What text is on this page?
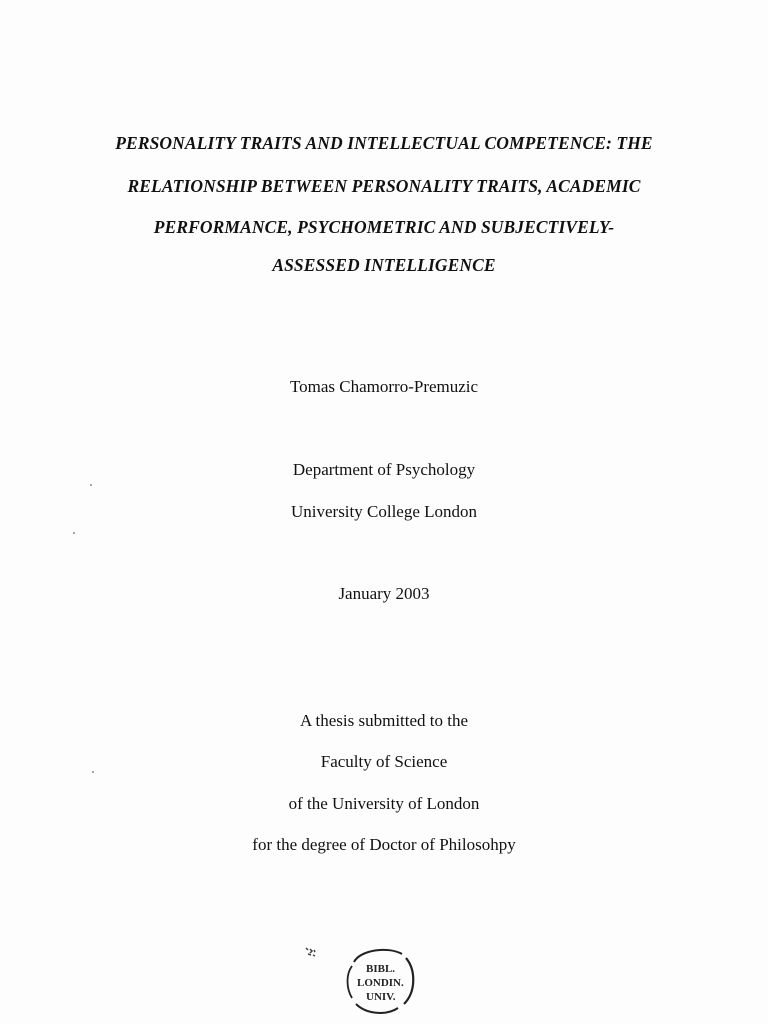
PERSONALITY TRAITS AND INTELLECTUAL COMPETENCE: THE
RELATIONSHIP BETWEEN PERSONALITY TRAITS, ACADEMIC
PERFORMANCE, PSYCHOMETRIC AND SUBJECTIVELY-
ASSESSED INTELLIGENCE
Tomas Chamorro-Premuzic
Department of Psychology
University College London
January 2003
A thesis submitted to the
Faculty of Science
of the University of London
for the degree of Doctor of Philosohpy
BIBL.
LONDIN.
UNIV.
